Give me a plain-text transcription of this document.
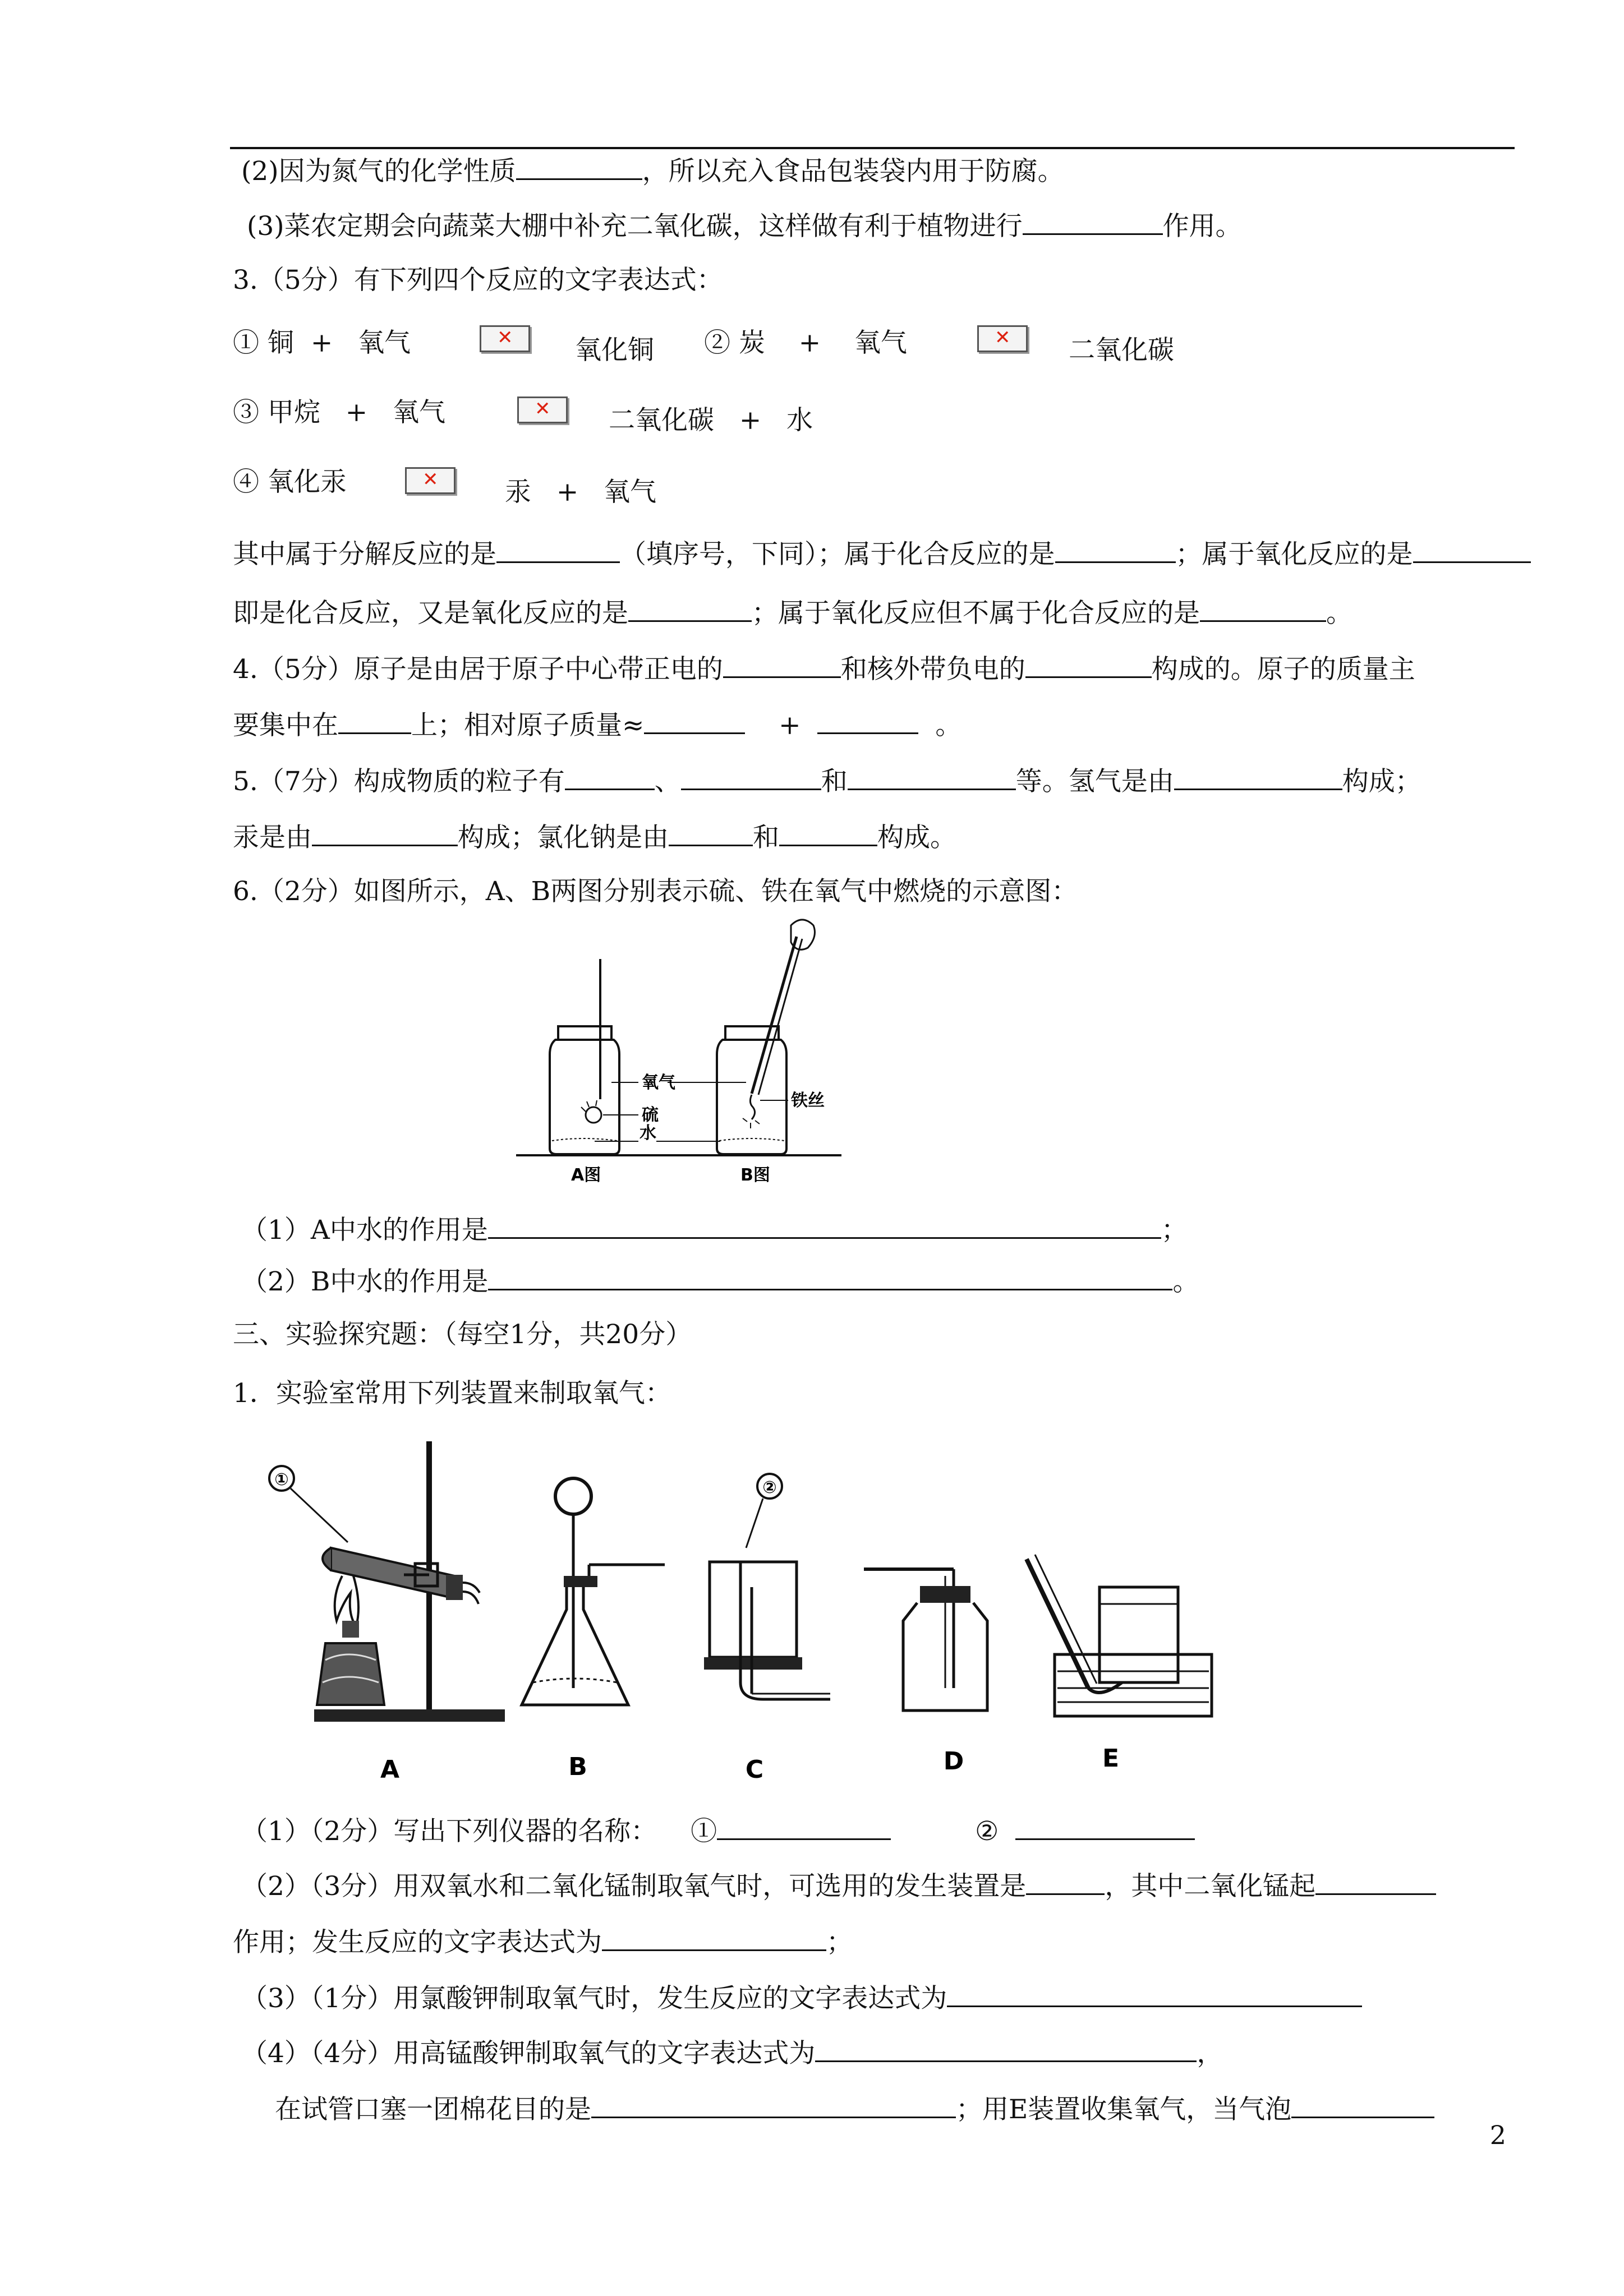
(2)因为氮气的化学性质	，所以充入食品包装袋内用于防腐。
(3)菜农定期会向蔬菜大棚中补充二氧化碳，这样做有利于植物进行	作用。
3.（5分）有下列四个反应的文字表达式：
① 铜 + 氧气 ✕	氧化铜 ② 炭 + 氧气 ✕	二氧化碳
③ 甲烷 + 氧气 ✕	二氧化碳 + 水
④ 氧化汞 ✕	汞 + 氧气
其中属于分解反应的是	（填序号，下同）；属于化合反应的是	；属于氧化反应的是
即是化合反应，又是氧化反应的是	；属于氧化反应但不属于化合反应的是	。
4.（5分）原子是由居于原子中心带正电的	和核外带负电的	构成的。原子的质量主
要集中在	上；相对原子质量≈	+	。
5.（7分）构成物质的粒子有	、	和	等。氢气是由	构成；
汞是由	构成；氯化钠是由	和	构成。
6.（2分）如图所示，A、B两图分别表示硫、铁在氧气中燃烧的示意图：
氧气
硫
水
铁丝
A图	B图
（1）A中水的作用是	；
（2）B中水的作用是	。
三、实验探究题：（每空1分，共20分）
1．实验室常用下列装置来制取氧气：
①	②
A	B	C	D	E
（1）（2分）写出下列仪器的名称： ①	②
（2）（3分）用双氧水和二氧化锰制取氧气时，可选用的发生装置是	，其中二氧化锰起
作用；发生反应的文字表达式为	；
（3）（1分）用氯酸钾制取氧气时，发生反应的文字表达式为
（4）（4分）用高锰酸钾制取氧气的文字表达式为	，
在试管口塞一团棉花目的是	；用E装置收集氧气，当气泡
2
